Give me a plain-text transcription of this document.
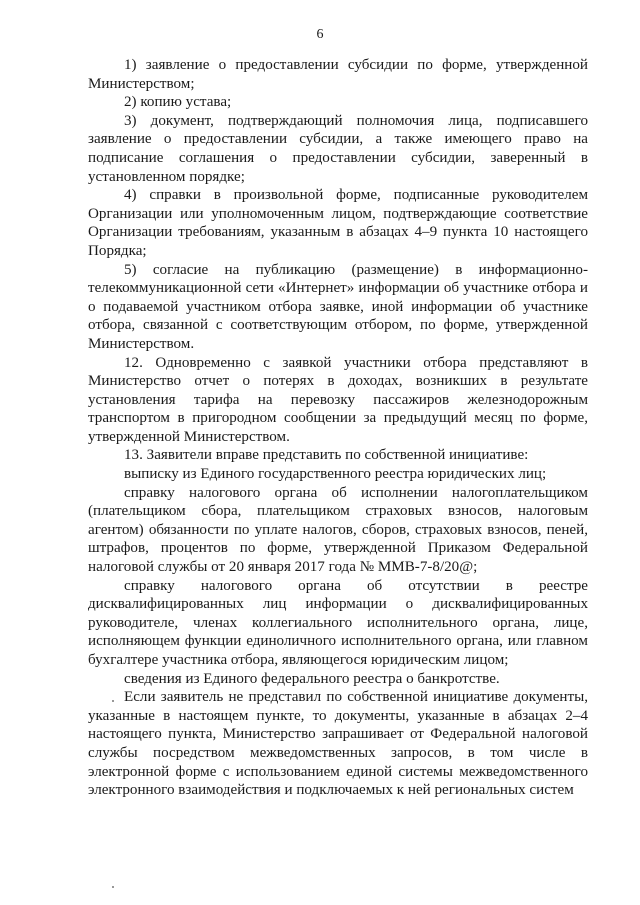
6

1) заявление о предоставлении субсидии по форме, утвержденной Министерством;

2) копию устава;

3) документ, подтверждающий полномочия лица, подписавшего заявление о предоставлении субсидии, а также имеющего право на подписание соглашения о предоставлении субсидии, заверенный в установленном порядке;

4) справки в произвольной форме, подписанные руководителем Организации или уполномоченным лицом, подтверждающие соответствие Организации требованиям, указанным в абзацах 4–9 пункта 10 настоящего Порядка;

5) согласие на публикацию (размещение) в информационно-телекоммуникационной сети «Интернет» информации об участнике отбора и о подаваемой участником отбора заявке, иной информации об участнике отбора, связанной с соответствующим отбором, по форме, утвержденной Министерством.

12. Одновременно с заявкой участники отбора представляют в Министерство отчет о потерях в доходах, возникших в результате установления тарифа на перевозку пассажиров железнодорожным транспортом в пригородном сообщении за предыдущий месяц по форме, утвержденной Министерством.

13. Заявители вправе представить по собственной инициативе:

выписку из Единого государственного реестра юридических лиц;

справку налогового органа об исполнении налогоплательщиком (плательщиком сбора, плательщиком страховых взносов, налоговым агентом) обязанности по уплате налогов, сборов, страховых взносов, пеней, штрафов, процентов по форме, утвержденной Приказом Федеральной налоговой службы от 20 января 2017 года № ММВ-7-8/20@;

справку налогового органа об отсутствии в реестре дисквалифицированных лиц информации о дисквалифицированных руководителе, членах коллегиального исполнительного органа, лице, исполняющем функции единоличного исполнительного органа, или главном бухгалтере участника отбора, являющегося юридическим лицом;

сведения из Единого федерального реестра о банкротстве.

Если заявитель не представил по собственной инициативе документы, указанные в настоящем пункте, то документы, указанные в абзацах 2–4 настоящего пункта, Министерство запрашивает от Федеральной налоговой службы посредством межведомственных запросов, в том числе в электронной форме с использованием единой системы межведомственного электронного взаимодействия и подключаемых к ней региональных систем
